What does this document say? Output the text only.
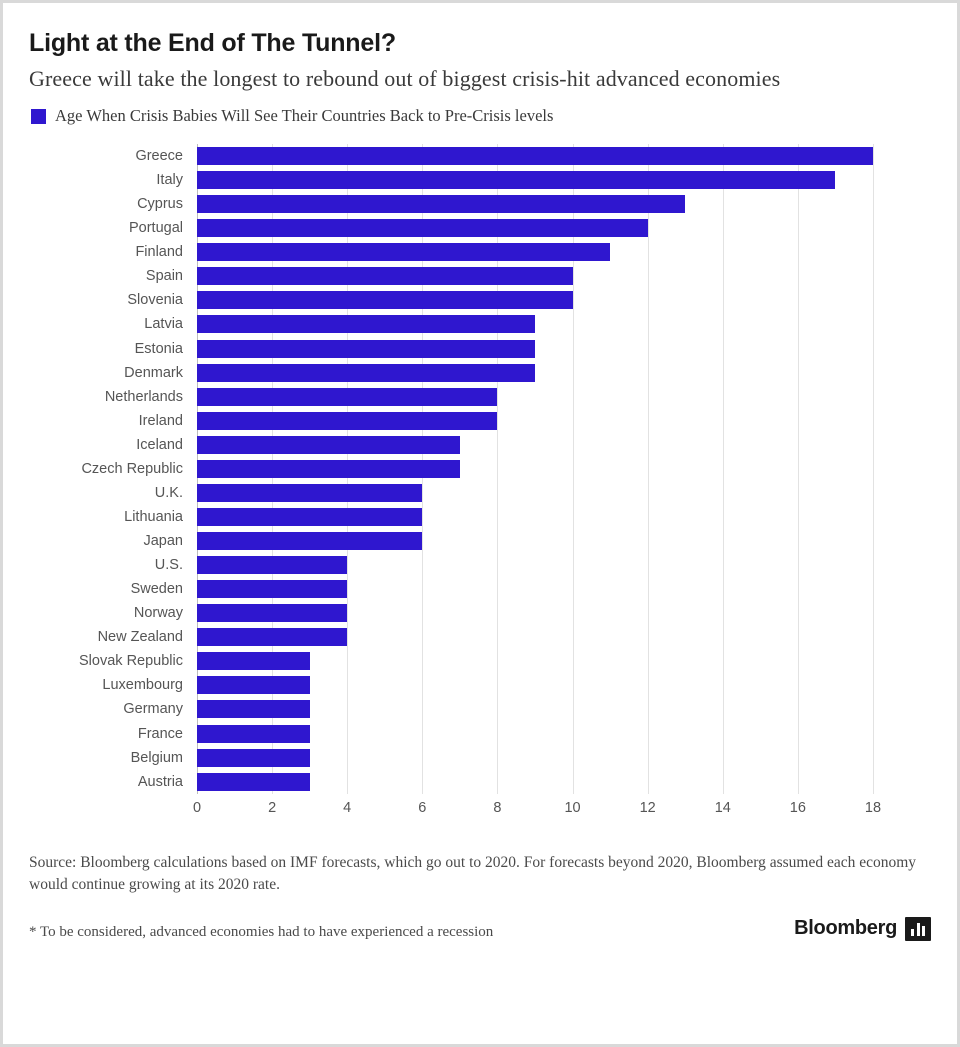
Light at the End of The Tunnel?
Greece will take the longest to rebound out of biggest crisis-hit advanced economies
Age When Crisis Babies Will See Their Countries Back to Pre-Crisis levels
Greece
Italy
Cyprus
Portugal
Finland
Spain
Slovenia
Latvia
Estonia
Denmark
Netherlands
Ireland
Iceland
Czech Republic
U.K.
Lithuania
Japan
U.S.
Sweden
Norway
New Zealand
Slovak Republic
Luxembourg
Germany
France
Belgium
Austria
0	2	4	6	8	10	12	14	16	18
Source: Bloomberg calculations based on IMF forecasts, which go out to 2020. For forecasts beyond 2020, Bloomberg assumed each economy would continue growing at its 2020 rate.
* To be considered, advanced economies had to have experienced a recession	Bloomberg
